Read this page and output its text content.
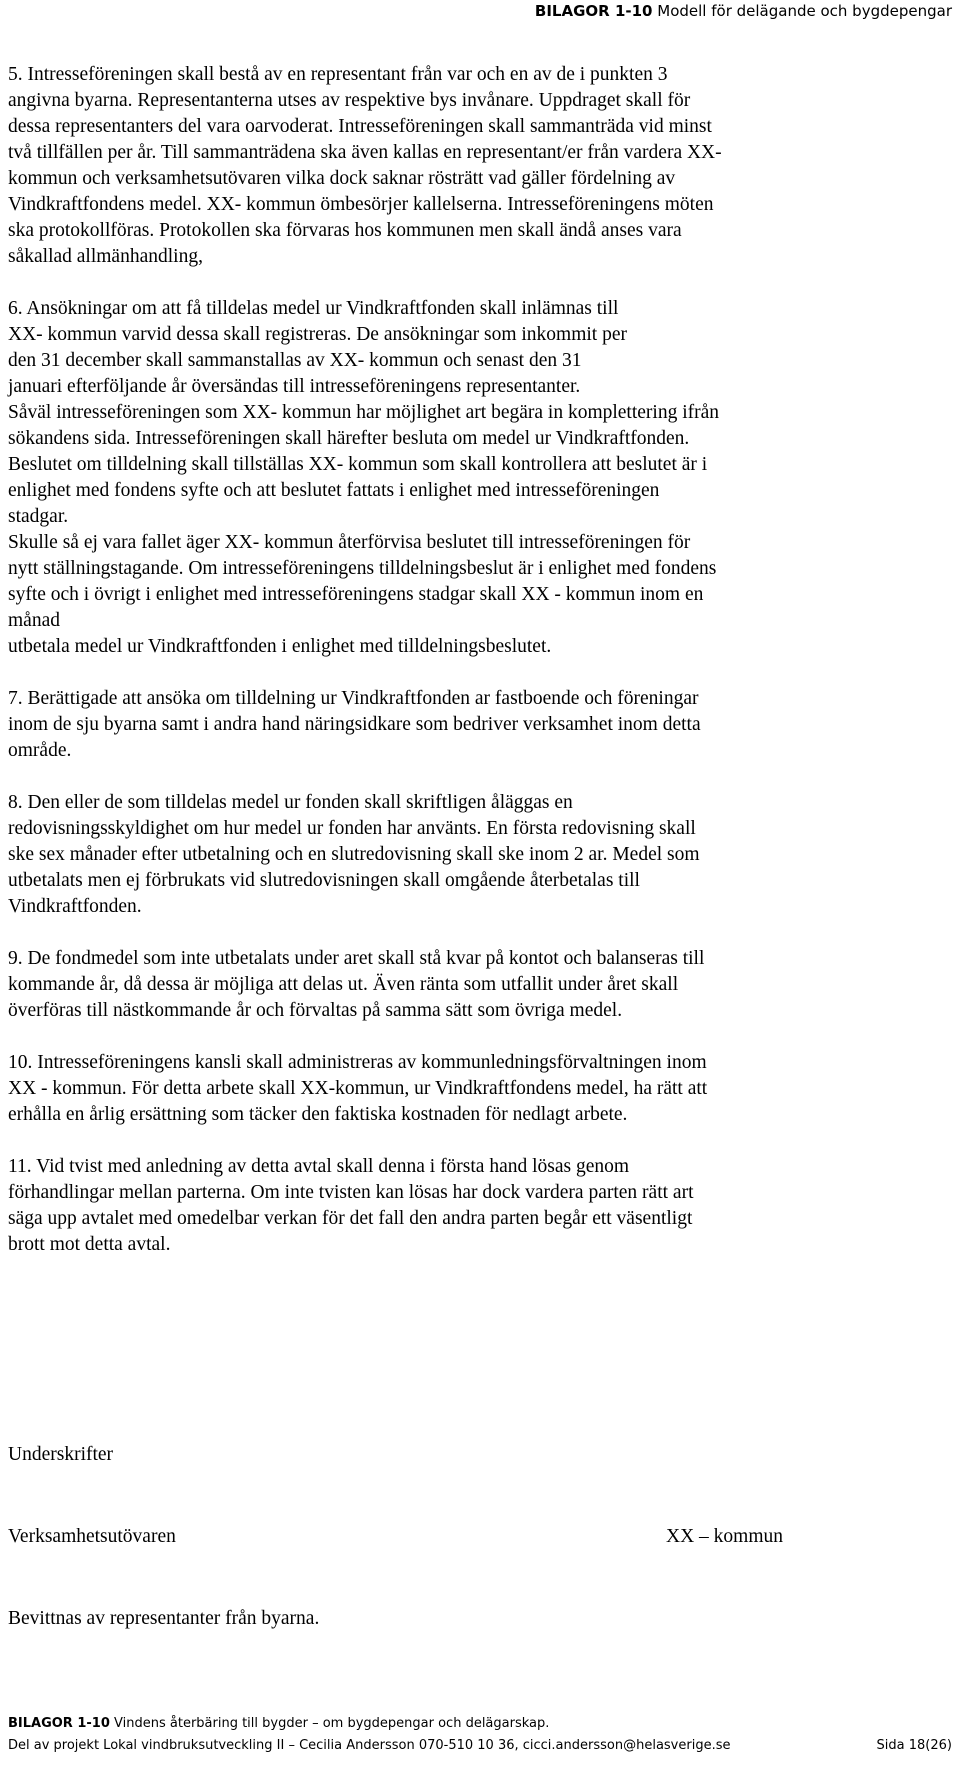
BILAGOR 1-10 Modell för delägande och bygdepengar

5. Intresseföreningen skall bestå av en representant från var och en av de i punkten 3
angivna byarna. Representanterna utses av respektive bys invånare. Uppdraget skall för
dessa representanters del vara oarvoderat. Intresseföreningen skall sammanträda vid minst
två tillfällen per år. Till sammanträdena ska även kallas en representant/er från vardera XX-
kommun och verksamhetsutövaren vilka dock saknar rösträtt vad gäller fördelning av
Vindkraftfondens medel. XX- kommun ömbesörjer kallelserna. Intresseföreningens möten
ska protokollföras. Protokollen ska förvaras hos kommunen men skall ändå anses vara
såkallad allmänhandling,

6. Ansökningar om att få tilldelas medel ur Vindkraftfonden skall inlämnas till
XX- kommun varvid dessa skall registreras. De ansökningar som inkommit per
den 31 december skall sammanstallas av XX- kommun och senast den 31
januari efterföljande år översändas till intresseföreningens representanter.
Såväl intresseföreningen som XX- kommun har möjlighet art begära in komplettering ifrån
sökandens sida. Intresseföreningen skall härefter besluta om medel ur Vindkraftfonden.
Beslutet om tilldelning skall tillställas XX- kommun som skall kontrollera att beslutet är i
enlighet med fondens syfte och att beslutet fattats i enlighet med intresseföreningen
stadgar.
Skulle så ej vara fallet äger XX- kommun återförvisa beslutet till intresseföreningen för
nytt ställningstagande. Om intresseföreningens tilldelningsbeslut är i enlighet med fondens
syfte och i övrigt i enlighet med intresseföreningens stadgar skall XX - kommun inom en
månad
utbetala medel ur Vindkraftfonden i enlighet med tilldelningsbeslutet.

7. Berättigade att ansöka om tilldelning ur Vindkraftfonden ar fastboende och föreningar
inom de sju byarna samt i andra hand näringsidkare som bedriver verksamhet inom detta
område.

8. Den eller de som tilldelas medel ur fonden skall skriftligen åläggas en
redovisningsskyldighet om hur medel ur fonden har använts. En första redovisning skall
ske sex månader efter utbetalning och en slutredovisning skall ske inom 2 ar. Medel som
utbetalats men ej förbrukats vid slutredovisningen skall omgående återbetalas till
Vindkraftfonden.

9. De fondmedel som inte utbetalats under aret skall stå kvar på kontot och balanseras till
kommande år, då dessa är möjliga att delas ut. Även ränta som utfallit under året skall
överföras till nästkommande år och förvaltas på samma sätt som övriga medel.

10. Intresseföreningens kansli skall administreras av kommunledningsförvaltningen inom
XX - kommun. För detta arbete skall XX-kommun, ur Vindkraftfondens medel, ha rätt att
erhålla en årlig ersättning som täcker den faktiska kostnaden för nedlagt arbete.

11. Vid tvist med anledning av detta avtal skall denna i första hand lösas genom
förhandlingar mellan parterna. Om inte tvisten kan lösas har dock vardera parten rätt art
säga upp avtalet med omedelbar verkan för det fall den andra parten begår ett väsentligt
brott mot detta avtal.

Underskrifter
Verksamhetsutövaren	XX – kommun
Bevittnas av representanter från byarna.
BILAGOR 1-10 Vindens återbäring till bygder – om bygdepengar och delägarskap.
Del av projekt Lokal vindbruksutveckling II – Cecilia Andersson 070-510 10 36, cicci.andersson@helasverige.se	Sida 18(26)
